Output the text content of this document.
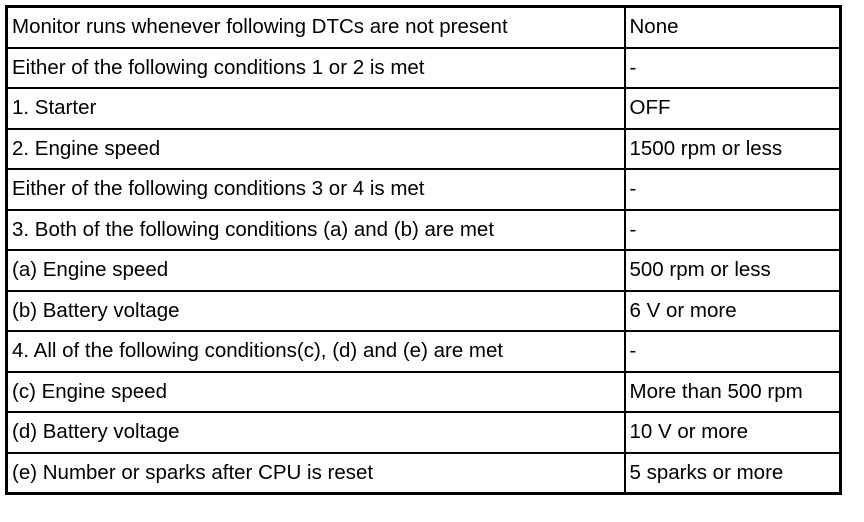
Monitor runs whenever following DTCs are not present	None
Either of the following conditions 1 or 2 is met	-
1. Starter	OFF
2. Engine speed	1500 rpm or less
Either of the following conditions 3 or 4 is met	-
3. Both of the following conditions (a) and (b) are met	-
(a) Engine speed	500 rpm or less
(b) Battery voltage	6 V or more
4. All of the following conditions(c), (d) and (e) are met	-
(c) Engine speed	More than 500 rpm
(d) Battery voltage	10 V or more
(e) Number or sparks after CPU is reset	5 sparks or more
